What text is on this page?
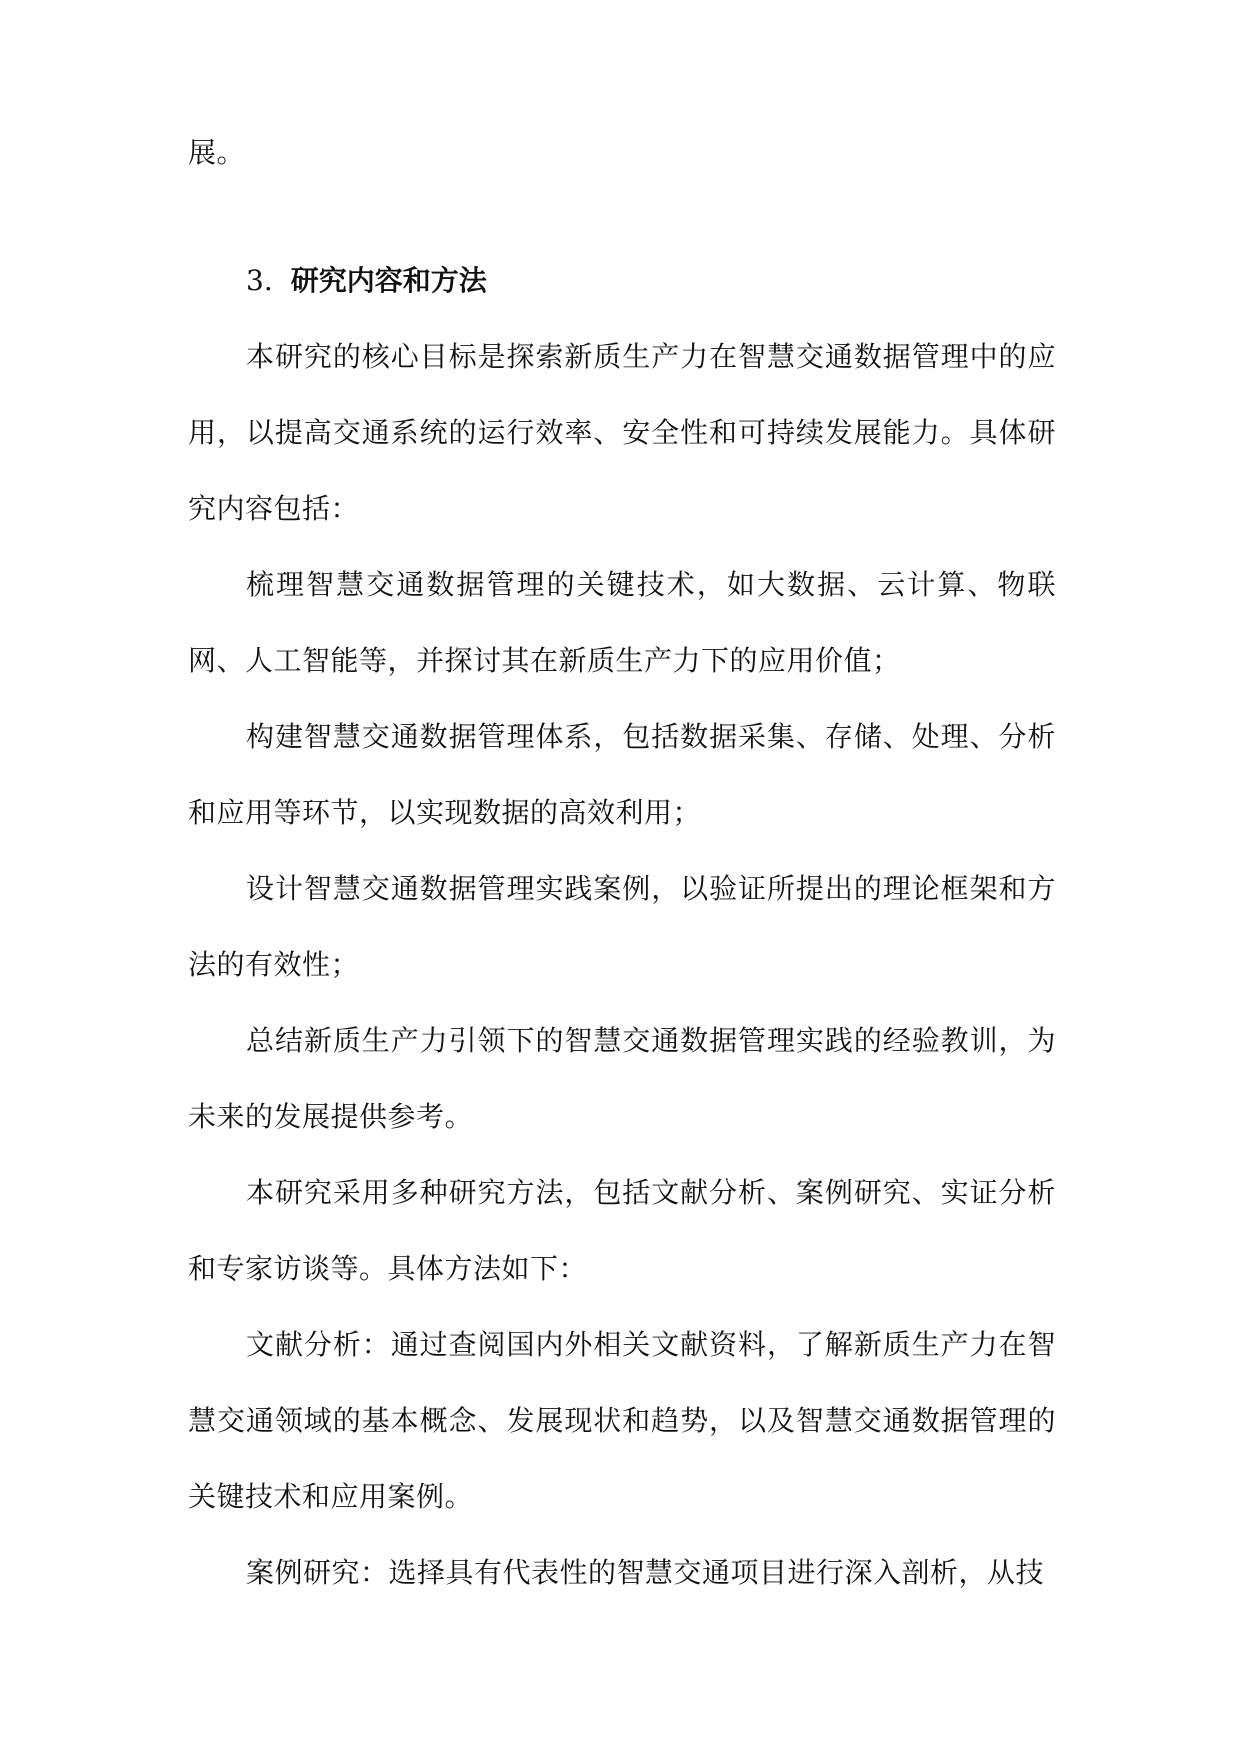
展。

3. 研究内容和方法

本研究的核心目标是探索新质生产力在智慧交通数据管理中的应用，以提高交通系统的运行效率、安全性和可持续发展能力。具体研究内容包括：

梳理智慧交通数据管理的关键技术，如大数据、云计算、物联网、人工智能等，并探讨其在新质生产力下的应用价值；

构建智慧交通数据管理体系，包括数据采集、存储、处理、分析和应用等环节，以实现数据的高效利用；

设计智慧交通数据管理实践案例，以验证所提出的理论框架和方法的有效性；

总结新质生产力引领下的智慧交通数据管理实践的经验教训，为未来的发展提供参考。

本研究采用多种研究方法，包括文献分析、案例研究、实证分析和专家访谈等。具体方法如下：

文献分析：通过查阅国内外相关文献资料，了解新质生产力在智慧交通领域的基本概念、发展现状和趋势，以及智慧交通数据管理的关键技术和应用案例。

案例研究：选择具有代表性的智慧交通项目进行深入剖析，从技
